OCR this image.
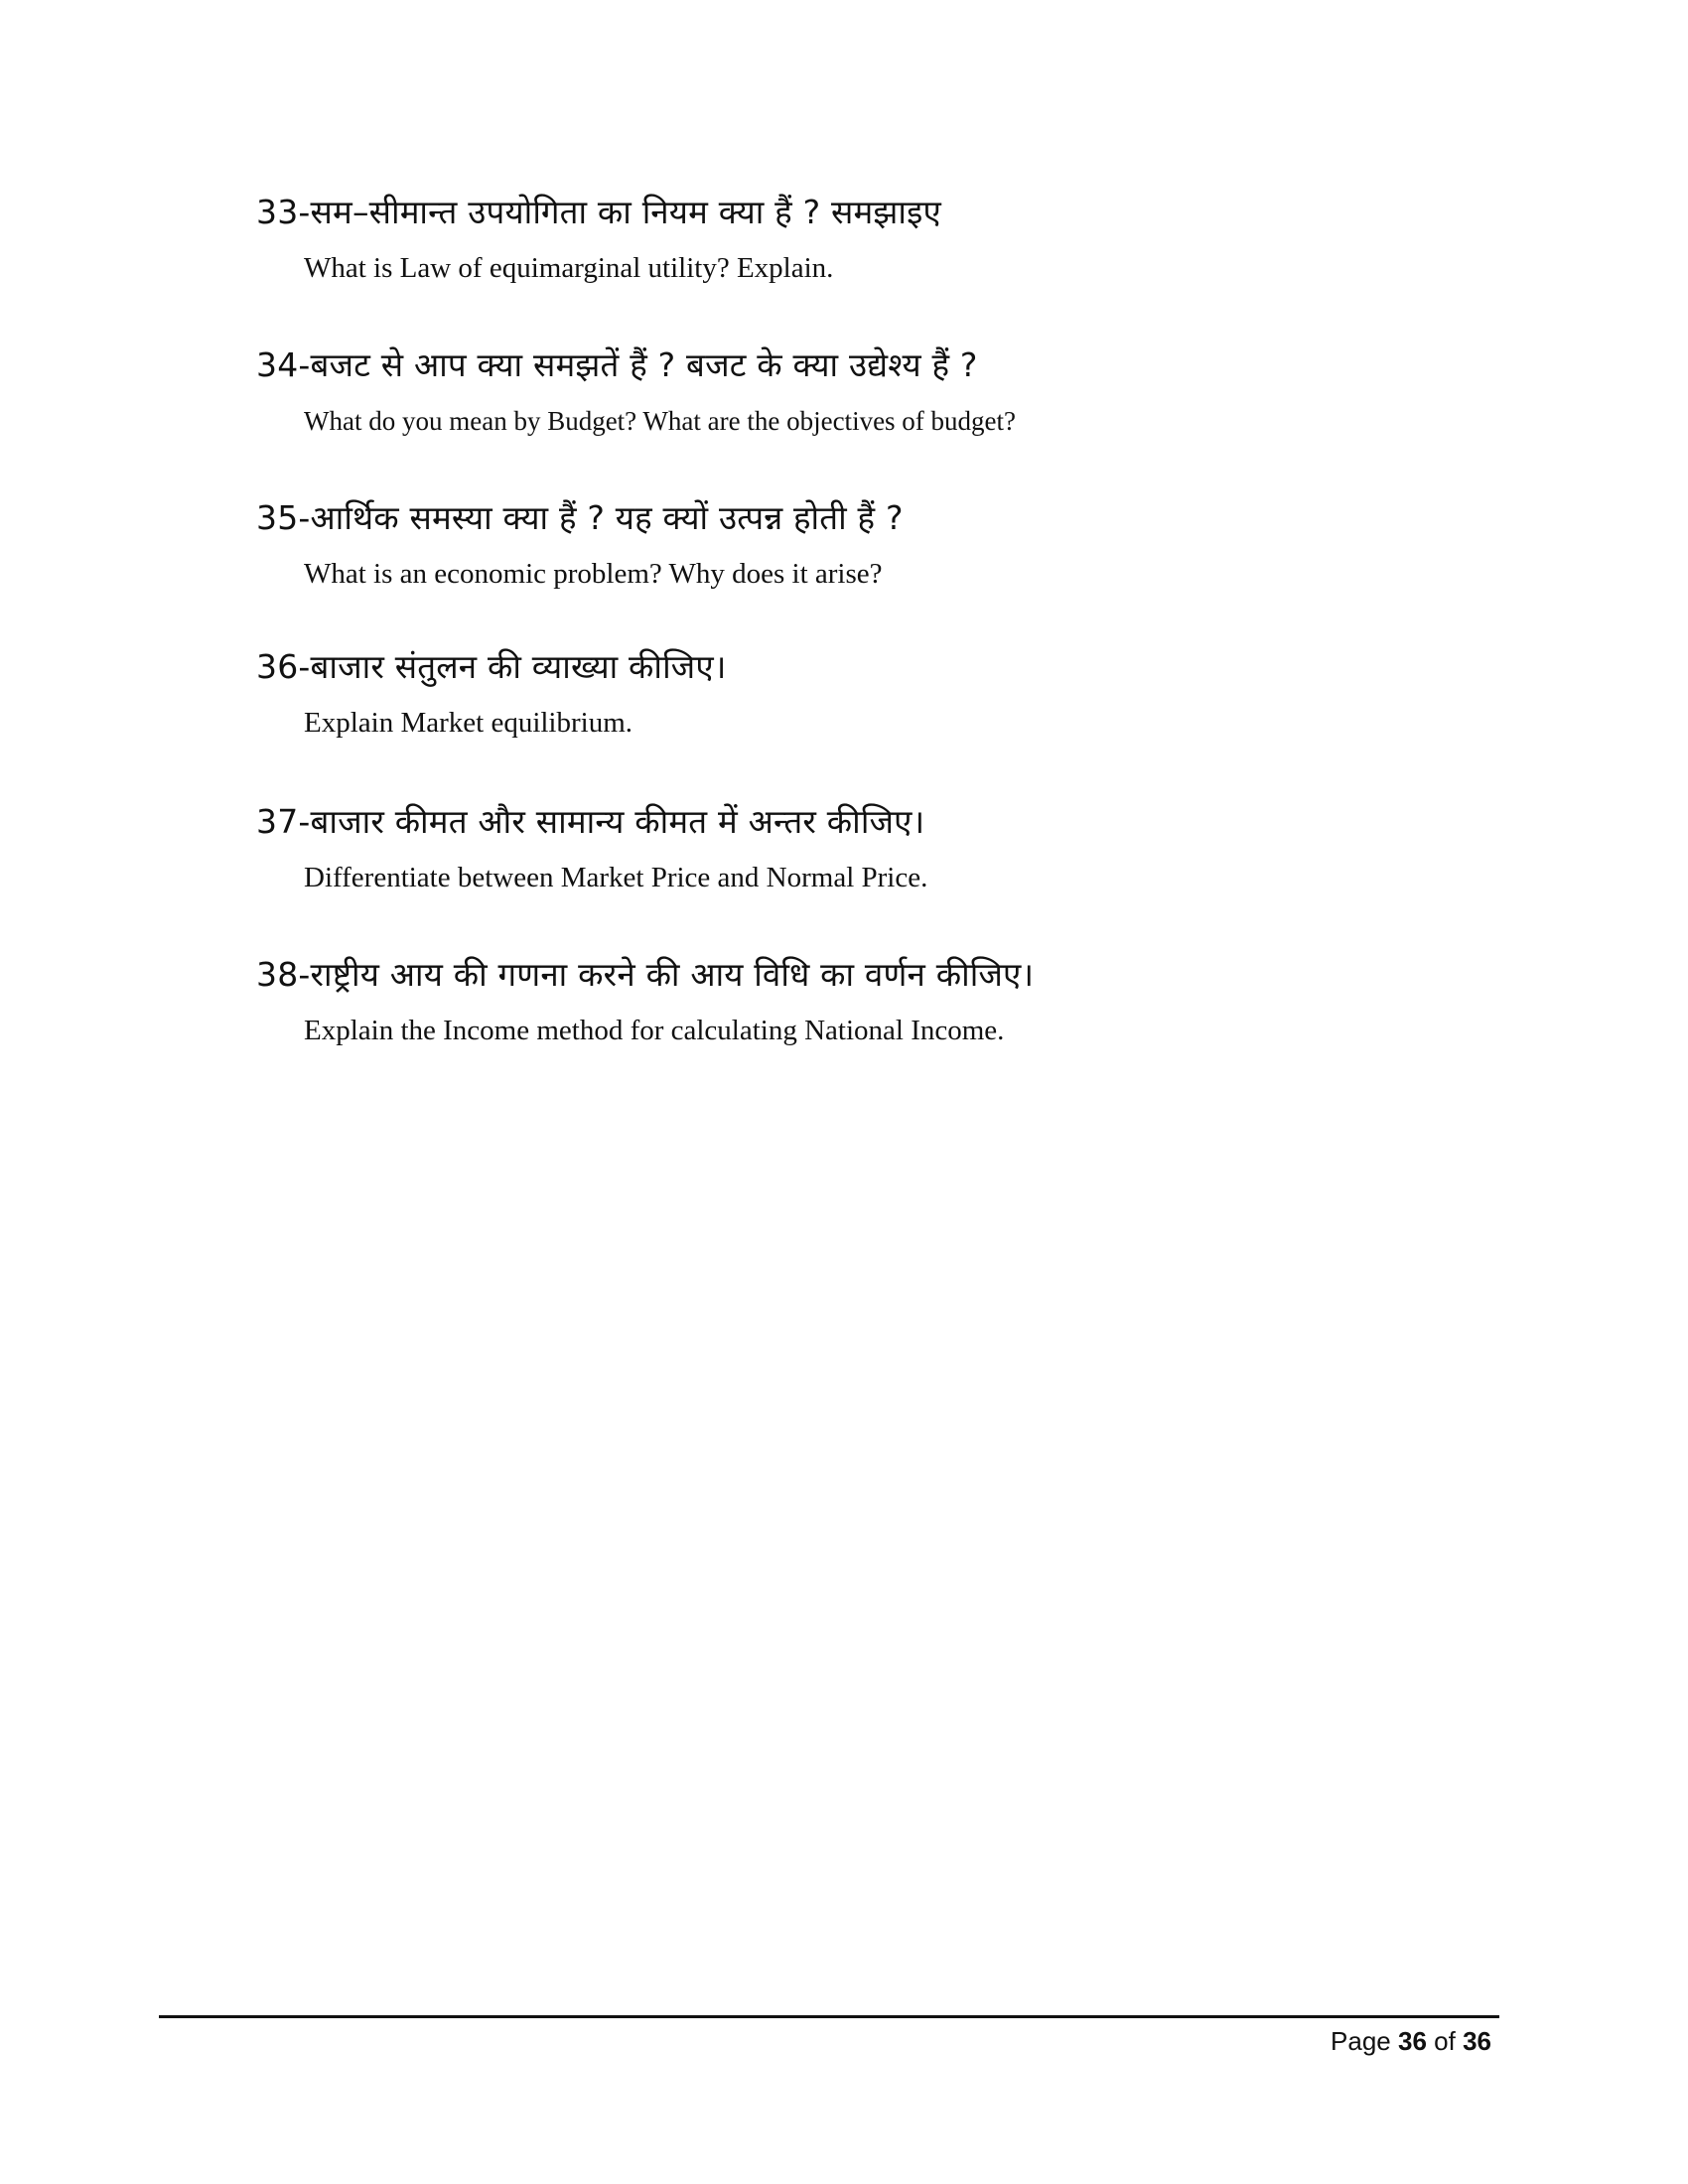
33-सम–सीमान्त उपयोगिता का नियम क्या हैं ? समझाइए
What is Law of equimarginal utility? Explain.
34-बजट से आप क्या समझतें हैं ? बजट के क्या उद्येश्य हैं ?
What do you mean by Budget? What are the objectives of budget?
35-आर्थिक समस्या क्या हैं ? यह क्यों उत्पन्न होती हैं ?
What is an economic problem? Why does it arise?
36-बाजार संतुलन की व्याख्या कीजिए।
Explain Market equilibrium.
37-बाजार कीमत और सामान्य कीमत में अन्तर कीजिए।
Differentiate between Market Price and Normal Price.
38-राष्ट्रीय आय की गणना करने की आय विधि का वर्णन कीजिए।
Explain the Income method for calculating National Income.
Page 36 of 36
